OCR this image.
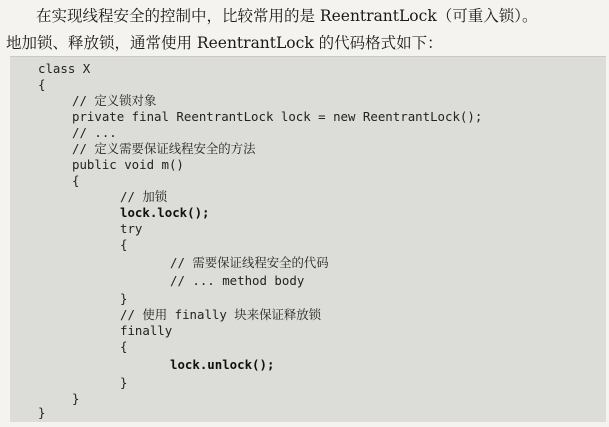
在实现线程安全的控制中，比较常用的是 ReentrantLock（可重入锁）。
地加锁、释放锁，通常使用 ReentrantLock 的代码格式如下：
class X
{
// 定义锁对象
private final ReentrantLock lock = new ReentrantLock();
// ...
// 定义需要保证线程安全的方法
public void m()
{
// 加锁
lock.lock();
try
{
// 需要保证线程安全的代码
// ... method body
}
// 使用 finally 块来保证释放锁
finally
{
lock.unlock();
}
}
}
